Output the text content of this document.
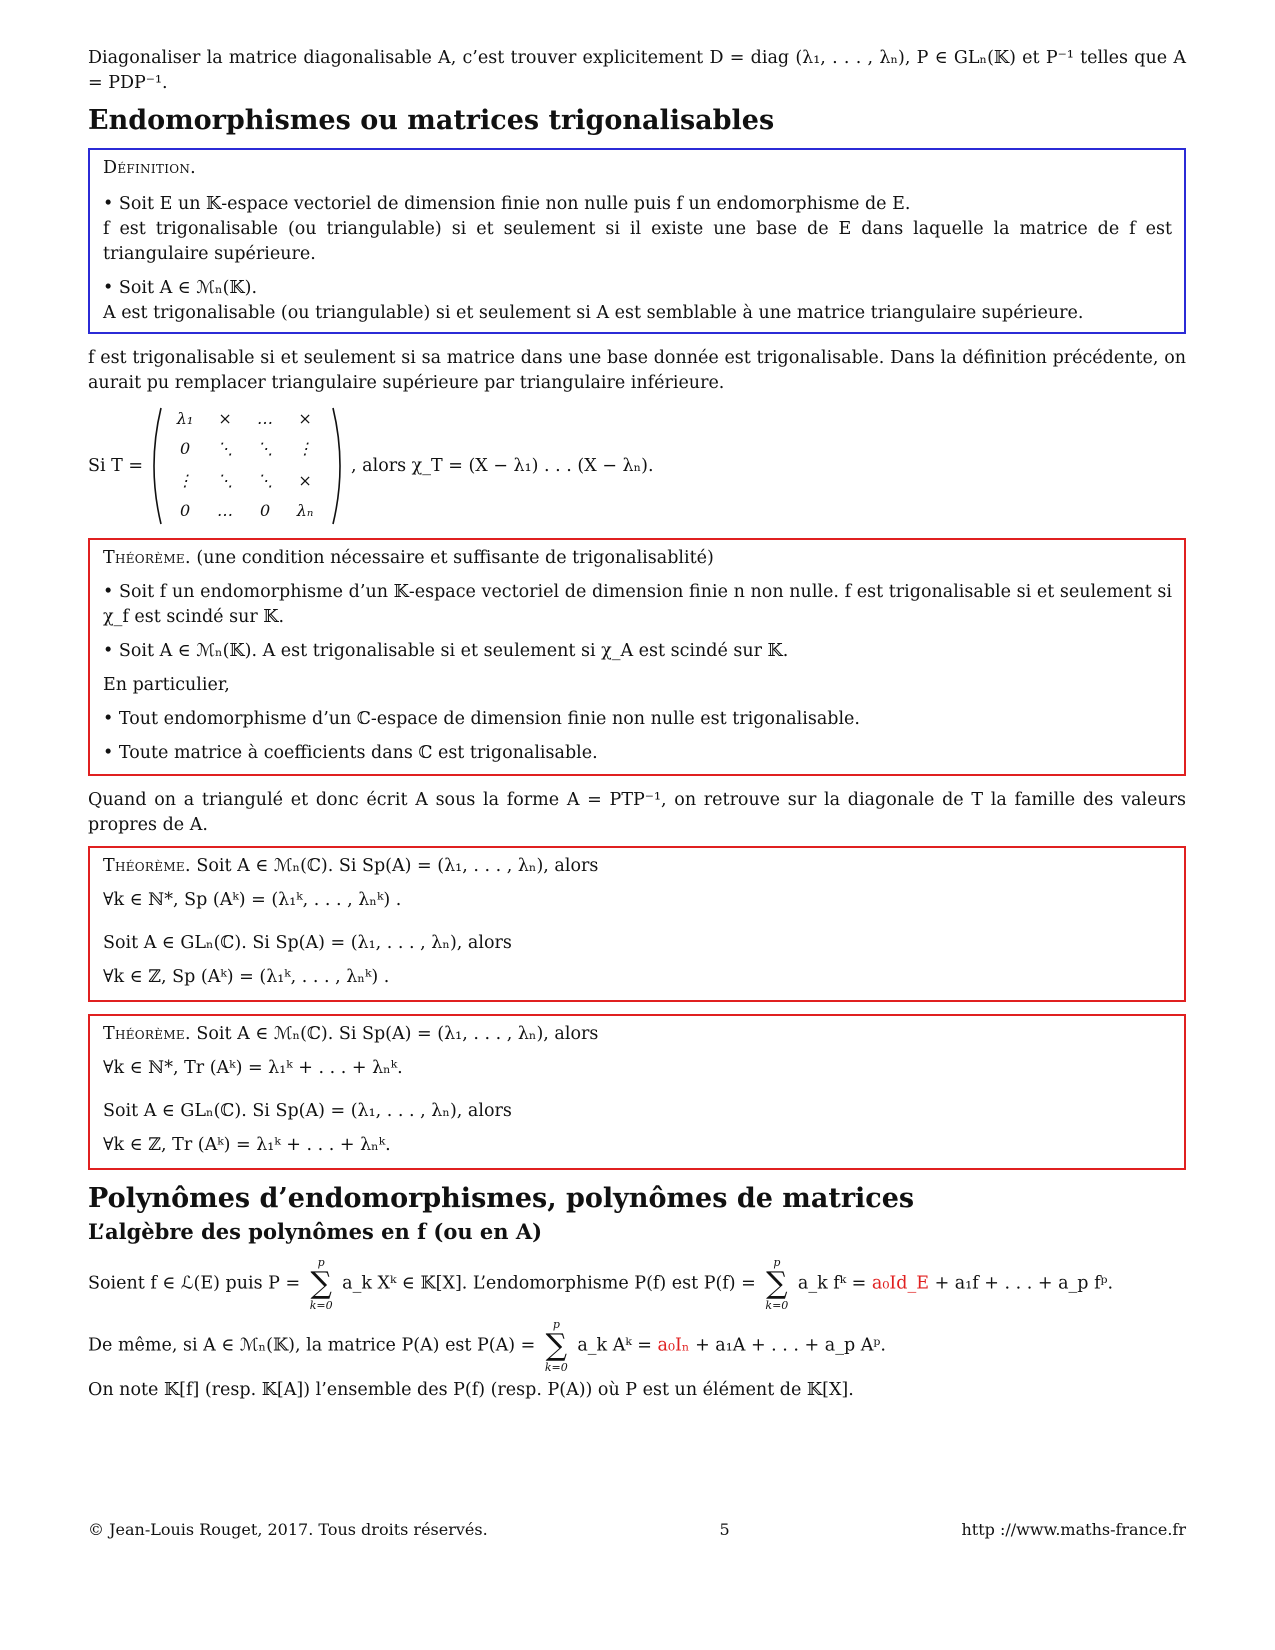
Diagonaliser la matrice diagonalisable A, c’est trouver explicitement D = diag (λ₁, . . . , λₙ), P ∈ GLₙ(𝕂) et P⁻¹ telles que A = PDP⁻¹.

Endomorphismes ou matrices trigonalisables

Définition.

• Soit E un 𝕂-espace vectoriel de dimension finie non nulle puis f un endomorphisme de E.

f est trigonalisable (ou triangulable) si et seulement si il existe une base de E dans laquelle la matrice de f est triangulaire supérieure.

• Soit A ∈ ℳₙ(𝕂).

A est trigonalisable (ou triangulable) si et seulement si A est semblable à une matrice triangulaire supérieure.

f est trigonalisable si et seulement si sa matrice dans une base donnée est trigonalisable. Dans la définition précédente, on aurait pu remplacer triangulaire supérieure par triangulaire inférieure.

Si T =
λ₁	×	…	×
0	⋱	⋱	⋮
⋮	⋱	⋱	×
0	…	0	λₙ
, alors χ_T = (X − λ₁) . . . (X − λₙ).

Théorème. (une condition nécessaire et suffisante de trigonalisablité)

• Soit f un endomorphisme d’un 𝕂-espace vectoriel de dimension finie n non nulle. f est trigonalisable si et seulement si χ_f est scindé sur 𝕂.

• Soit A ∈ ℳₙ(𝕂). A est trigonalisable si et seulement si χ_A est scindé sur 𝕂.

En particulier,

• Tout endomorphisme d’un ℂ-espace de dimension finie non nulle est trigonalisable.

• Toute matrice à coefficients dans ℂ est trigonalisable.

Quand on a triangulé et donc écrit A sous la forme A = PTP⁻¹, on retrouve sur la diagonale de T la famille des valeurs propres de A.

Théorème. Soit A ∈ ℳₙ(ℂ). Si Sp(A) = (λ₁, . . . , λₙ), alors

∀k ∈ ℕ*, Sp (Aᵏ) = (λ₁ᵏ, . . . , λₙᵏ) .

Soit A ∈ GLₙ(ℂ). Si Sp(A) = (λ₁, . . . , λₙ), alors

∀k ∈ ℤ, Sp (Aᵏ) = (λ₁ᵏ, . . . , λₙᵏ) .

Théorème. Soit A ∈ ℳₙ(ℂ). Si Sp(A) = (λ₁, . . . , λₙ), alors

∀k ∈ ℕ*, Tr (Aᵏ) = λ₁ᵏ + . . . + λₙᵏ.

Soit A ∈ GLₙ(ℂ). Si Sp(A) = (λ₁, . . . , λₙ), alors

∀k ∈ ℤ, Tr (Aᵏ) = λ₁ᵏ + . . . + λₙᵏ.

Polynômes d’endomorphismes, polynômes de matrices
L’algèbre des polynômes en f (ou en A)

Soient f ∈ ℒ(E) puis P =
p
∑
k=0
a_k Xᵏ ∈ 𝕂[X]. L’endomorphisme P(f) est P(f) =
p
∑
k=0
a_k fᵏ = a₀Id_E + a₁f + . . . + a_p fᵖ.

De même, si A ∈ ℳₙ(𝕂), la matrice P(A) est P(A) =
p
∑
k=0
a_k Aᵏ = a₀Iₙ + a₁A + . . . + a_p Aᵖ.

On note 𝕂[f] (resp. 𝕂[A]) l’ensemble des P(f) (resp. P(A)) où P est un élément de 𝕂[X].

© Jean-Louis Rouget, 2017. Tous droits réservés.	5	http ://www.maths-france.fr
